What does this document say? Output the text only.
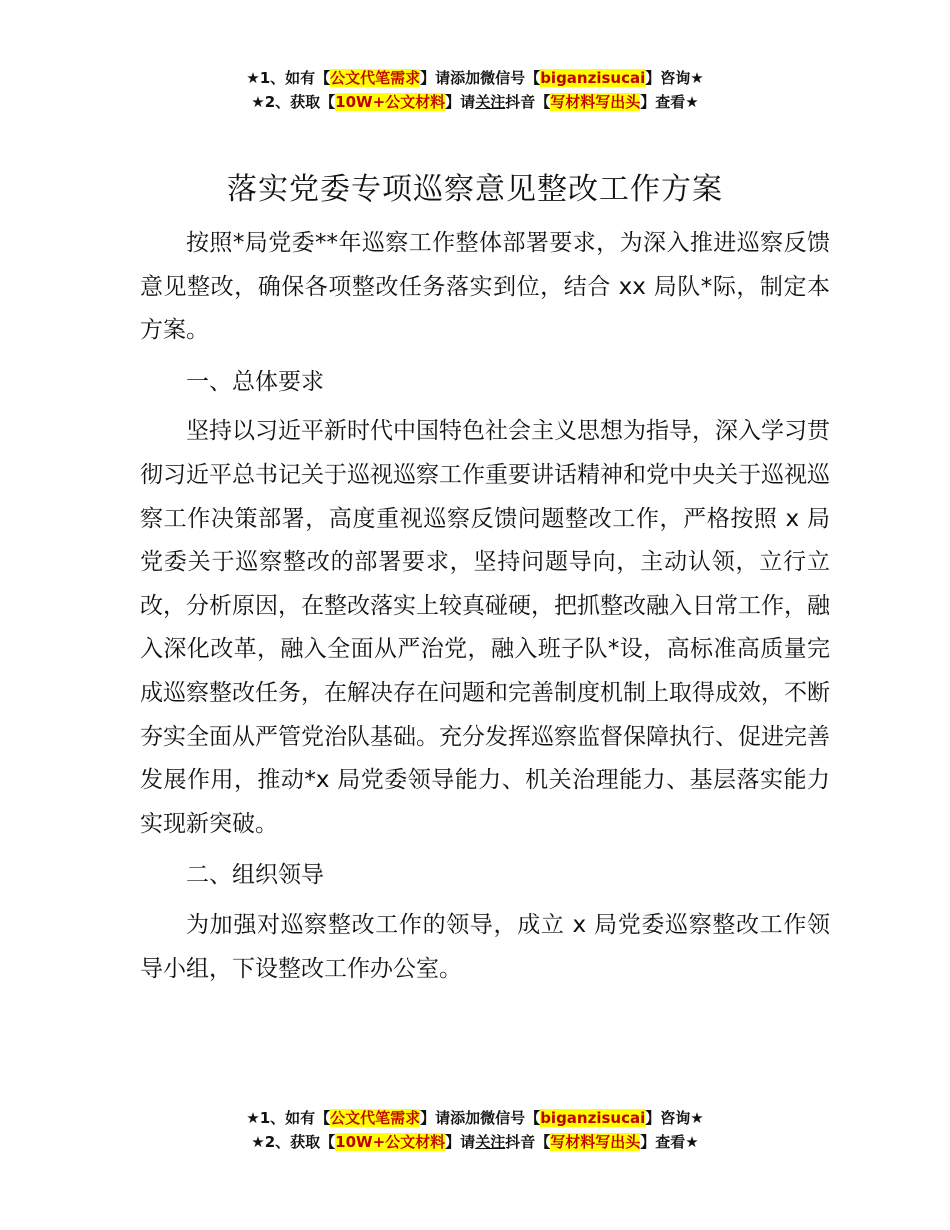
★1、如有【公文代笔需求】请添加微信号【biganzisucai】咨询★
★2、获取【10W+公文材料】请关注抖音【写材料写出头】查看★
落实党委专项巡察意见整改工作方案

按照*局党委**年巡察工作整体部署要求，为深入推进巡察反馈意见整改，确保各项整改任务落实到位，结合 xx 局队*际，制定本方案。

一、总体要求

坚持以习近平新时代中国特色社会主义思想为指导，深入学习贯彻习近平总书记关于巡视巡察工作重要讲话精神和党中央关于巡视巡察工作决策部署，高度重视巡察反馈问题整改工作，严格按照 x 局党委关于巡察整改的部署要求，坚持问题导向，主动认领，立行立改，分析原因，在整改落实上较真碰硬，把抓整改融入日常工作，融入深化改革，融入全面从严治党，融入班子队*设，高标准高质量完成巡察整改任务，在解决存在问题和完善制度机制上取得成效，不断夯实全面从严管党治队基础。充分发挥巡察监督保障执行、促进完善发展作用，推动*x 局党委领导能力、机关治理能力、基层落实能力实现新突破。

二、组织领导

为加强对巡察整改工作的领导，成立 x 局党委巡察整改工作领导小组，下设整改工作办公室。

★1、如有【公文代笔需求】请添加微信号【biganzisucai】咨询★
★2、获取【10W+公文材料】请关注抖音【写材料写出头】查看★
